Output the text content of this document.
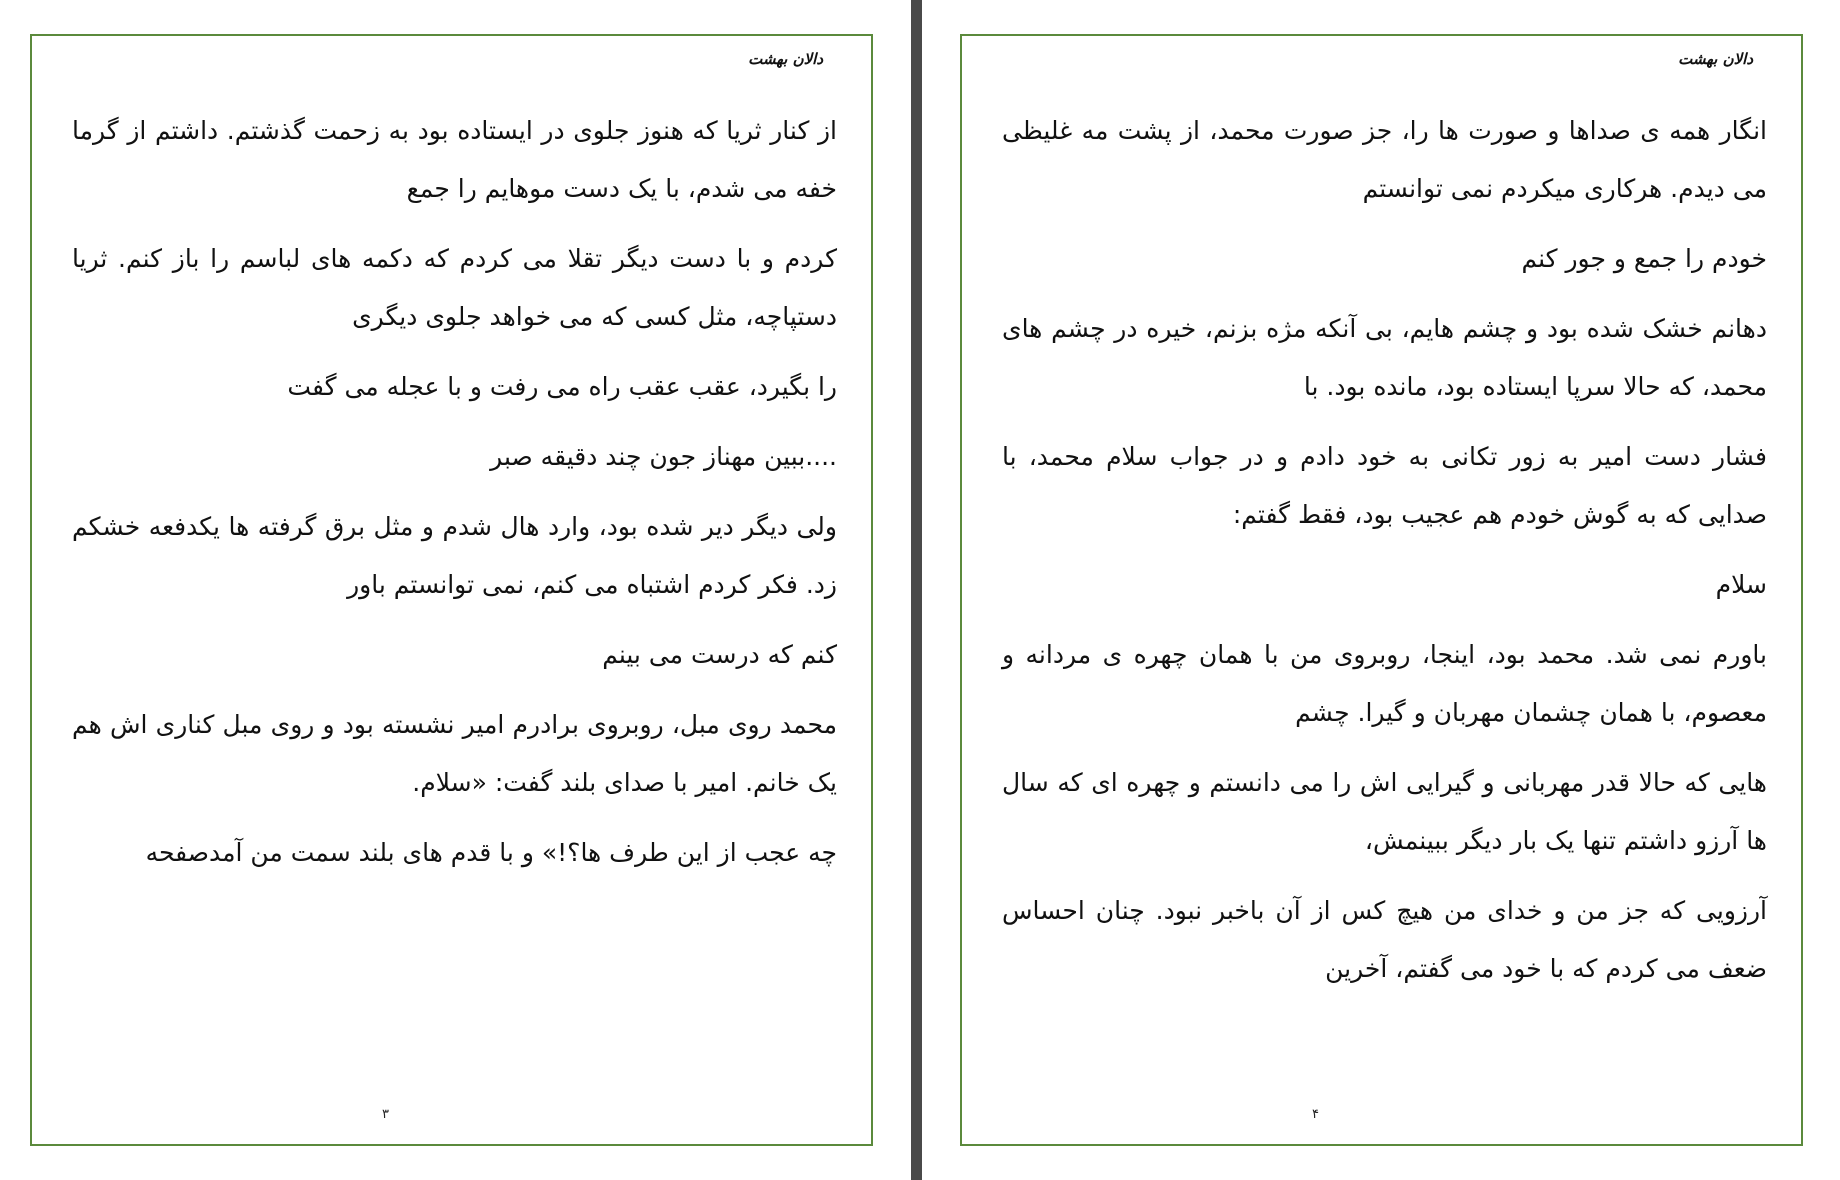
دالان بهشت

از کنار ثریا که هنوز جلوی در ایستاده بود به زحمت گذشتم. داشتم از گرما خفه می شدم، با یک دست موهایم را جمع

کردم و با دست دیگر تقلا می کردم که دکمه های لباسم را باز کنم. ثریا دستپاچه، مثل کسی که می خواهد جلوی دیگری

را بگیرد، عقب عقب راه می رفت و با عجله می گفت

....ببین مهناز جون چند دقیقه صبر

ولی دیگر دیر شده بود، وارد هال شدم و مثل برق گرفته ها یکدفعه خشکم زد. فکر کردم اشتباه می کنم، نمی توانستم باور

کنم که درست می بینم

محمد روی مبل، روبروی برادرم امیر نشسته بود و روی مبل کناری اش هم یک خانم. امیر با صدای بلند گفت: «سلام.

چه عجب از این طرف ها؟!» و با قدم های بلند سمت من آمدصفحه

۳
دالان بهشت

انگار همه ی صداها و صورت ها را، جز صورت محمد، از پشت مه غلیظی می دیدم. هرکاری میکردم نمی توانستم

خودم را جمع و جور کنم

دهانم خشک شده بود و چشم هایم، بی آنکه مژه بزنم، خیره در چشم های محمد، که حالا سرپا ایستاده بود، مانده بود. با

فشار دست امیر به زور تکانی به خود دادم و در جواب سلام محمد، با صدایی که به گوش خودم هم عجیب بود، فقط گفتم:

سلام

باورم نمی شد. محمد بود، اینجا، روبروی من با همان چهره ی مردانه و معصوم، با همان چشمان مهربان و گیرا. چشم

هایی که حالا قدر مهربانی و گیرایی اش را می دانستم و چهره ای که سال ها آرزو داشتم تنها یک بار دیگر ببینمش،

آرزویی که جز من و خدای من هیچ کس از آن باخبر نبود. چنان احساس ضعف می کردم که با خود می گفتم، آخرین

۴
